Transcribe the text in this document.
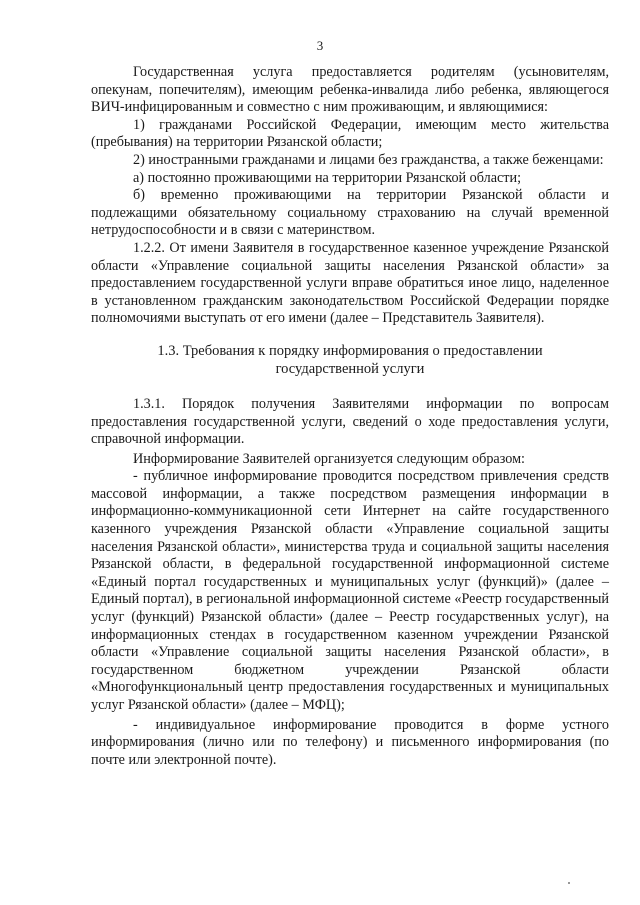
3

Государственная услуга предоставляется родителям (усыновителям, опекунам, попечителям), имеющим ребенка-инвалида либо ребенка, являющегося ВИЧ-инфицированным и совместно с ним проживающим, и являющимися:

1) гражданами Российской Федерации, имеющим место жительства (пребывания) на территории Рязанской области;

2) иностранными гражданами и лицами без гражданства, а также беженцами:

а) постоянно проживающими на территории Рязанской области;

б) временно проживающими на территории Рязанской области и подлежащими обязательному социальному страхованию на случай временной нетрудоспособности и в связи с материнством.

1.2.2. От имени Заявителя в государственное казенное учреждение Рязанской области «Управление социальной защиты населения Рязанской области» за предоставлением государственной услуги вправе обратиться иное лицо, наделенное в установленном гражданским законодательством Российской Федерации порядке полномочиями выступать от его имени (далее – Представитель Заявителя).

1.3. Требования к порядку информирования о предоставлении
государственной услуги

1.3.1. Порядок получения Заявителями информации по вопросам предоставления государственной услуги, сведений о ходе предоставления услуги, справочной информации.

Информирование Заявителей организуется следующим образом:

- публичное информирование проводится посредством привлечения средств массовой информации, а также посредством размещения информации в информационно-коммуникационной сети Интернет на сайте государственного казенного учреждения Рязанской области «Управление социальной защиты населения Рязанской области», министерства труда и социальной защиты населения Рязанской области, в федеральной государственной информационной системе «Единый портал государственных и муниципальных услуг (функций)» (далее – Единый портал), в региональной информационной системе «Реестр государственный услуг (функций) Рязанской области» (далее – Реестр государственных услуг), на информационных стендах в государственном казенном учреждении Рязанской области «Управление социальной защиты населения Рязанской области», в государственном бюджетном учреждении Рязанской области «Многофункциональный центр предоставления государственных и муниципальных услуг Рязанской области» (далее – МФЦ);

- индивидуальное информирование проводится в форме устного информирования (лично или по телефону) и письменного информирования (по почте или электронной почте).
